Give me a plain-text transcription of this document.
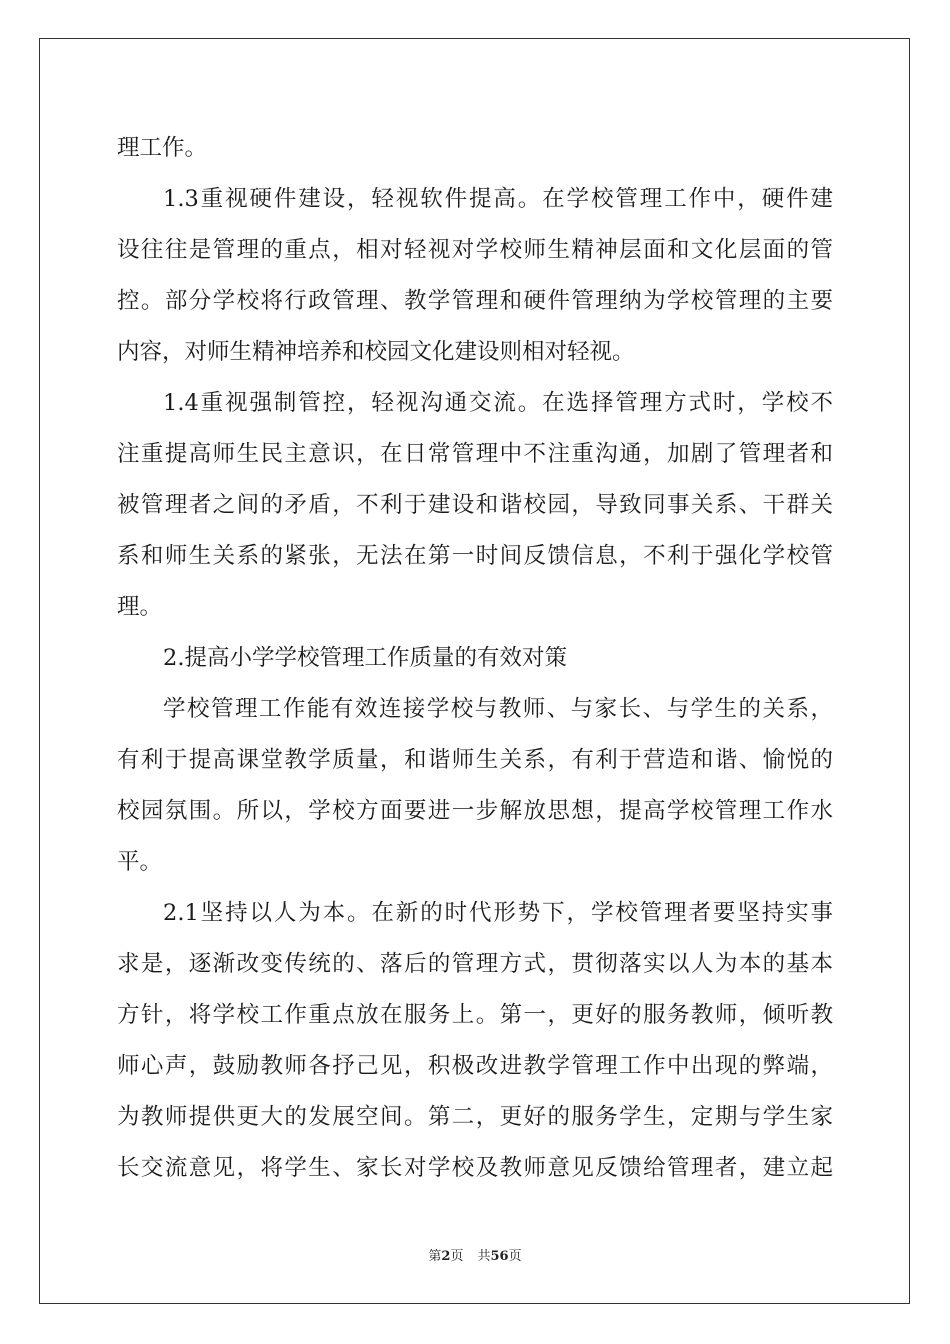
理工作。
1.3重视硬件建设，轻视软件提高。在学校管理工作中，硬件建
设往往是管理的重点，相对轻视对学校师生精神层面和文化层面的管
控。部分学校将行政管理、教学管理和硬件管理纳为学校管理的主要
内容，对师生精神培养和校园文化建设则相对轻视。
1.4重视强制管控，轻视沟通交流。在选择管理方式时，学校不
注重提高师生民主意识，在日常管理中不注重沟通，加剧了管理者和
被管理者之间的矛盾，不利于建设和谐校园，导致同事关系、干群关
系和师生关系的紧张，无法在第一时间反馈信息，不利于强化学校管
理。
2.提高小学学校管理工作质量的有效对策
学校管理工作能有效连接学校与教师、与家长、与学生的关系，
有利于提高课堂教学质量，和谐师生关系，有利于营造和谐、愉悦的
校园氛围。所以，学校方面要进一步解放思想，提高学校管理工作水
平。
2.1坚持以人为本。在新的时代形势下，学校管理者要坚持实事
求是，逐渐改变传统的、落后的管理方式，贯彻落实以人为本的基本
方针，将学校工作重点放在服务上。第一，更好的服务教师，倾听教
师心声，鼓励教师各抒己见，积极改进教学管理工作中出现的弊端，
为教师提供更大的发展空间。第二，更好的服务学生，定期与学生家
长交流意见，将学生、家长对学校及教师意见反馈给管理者，建立起
第2页 共56页
